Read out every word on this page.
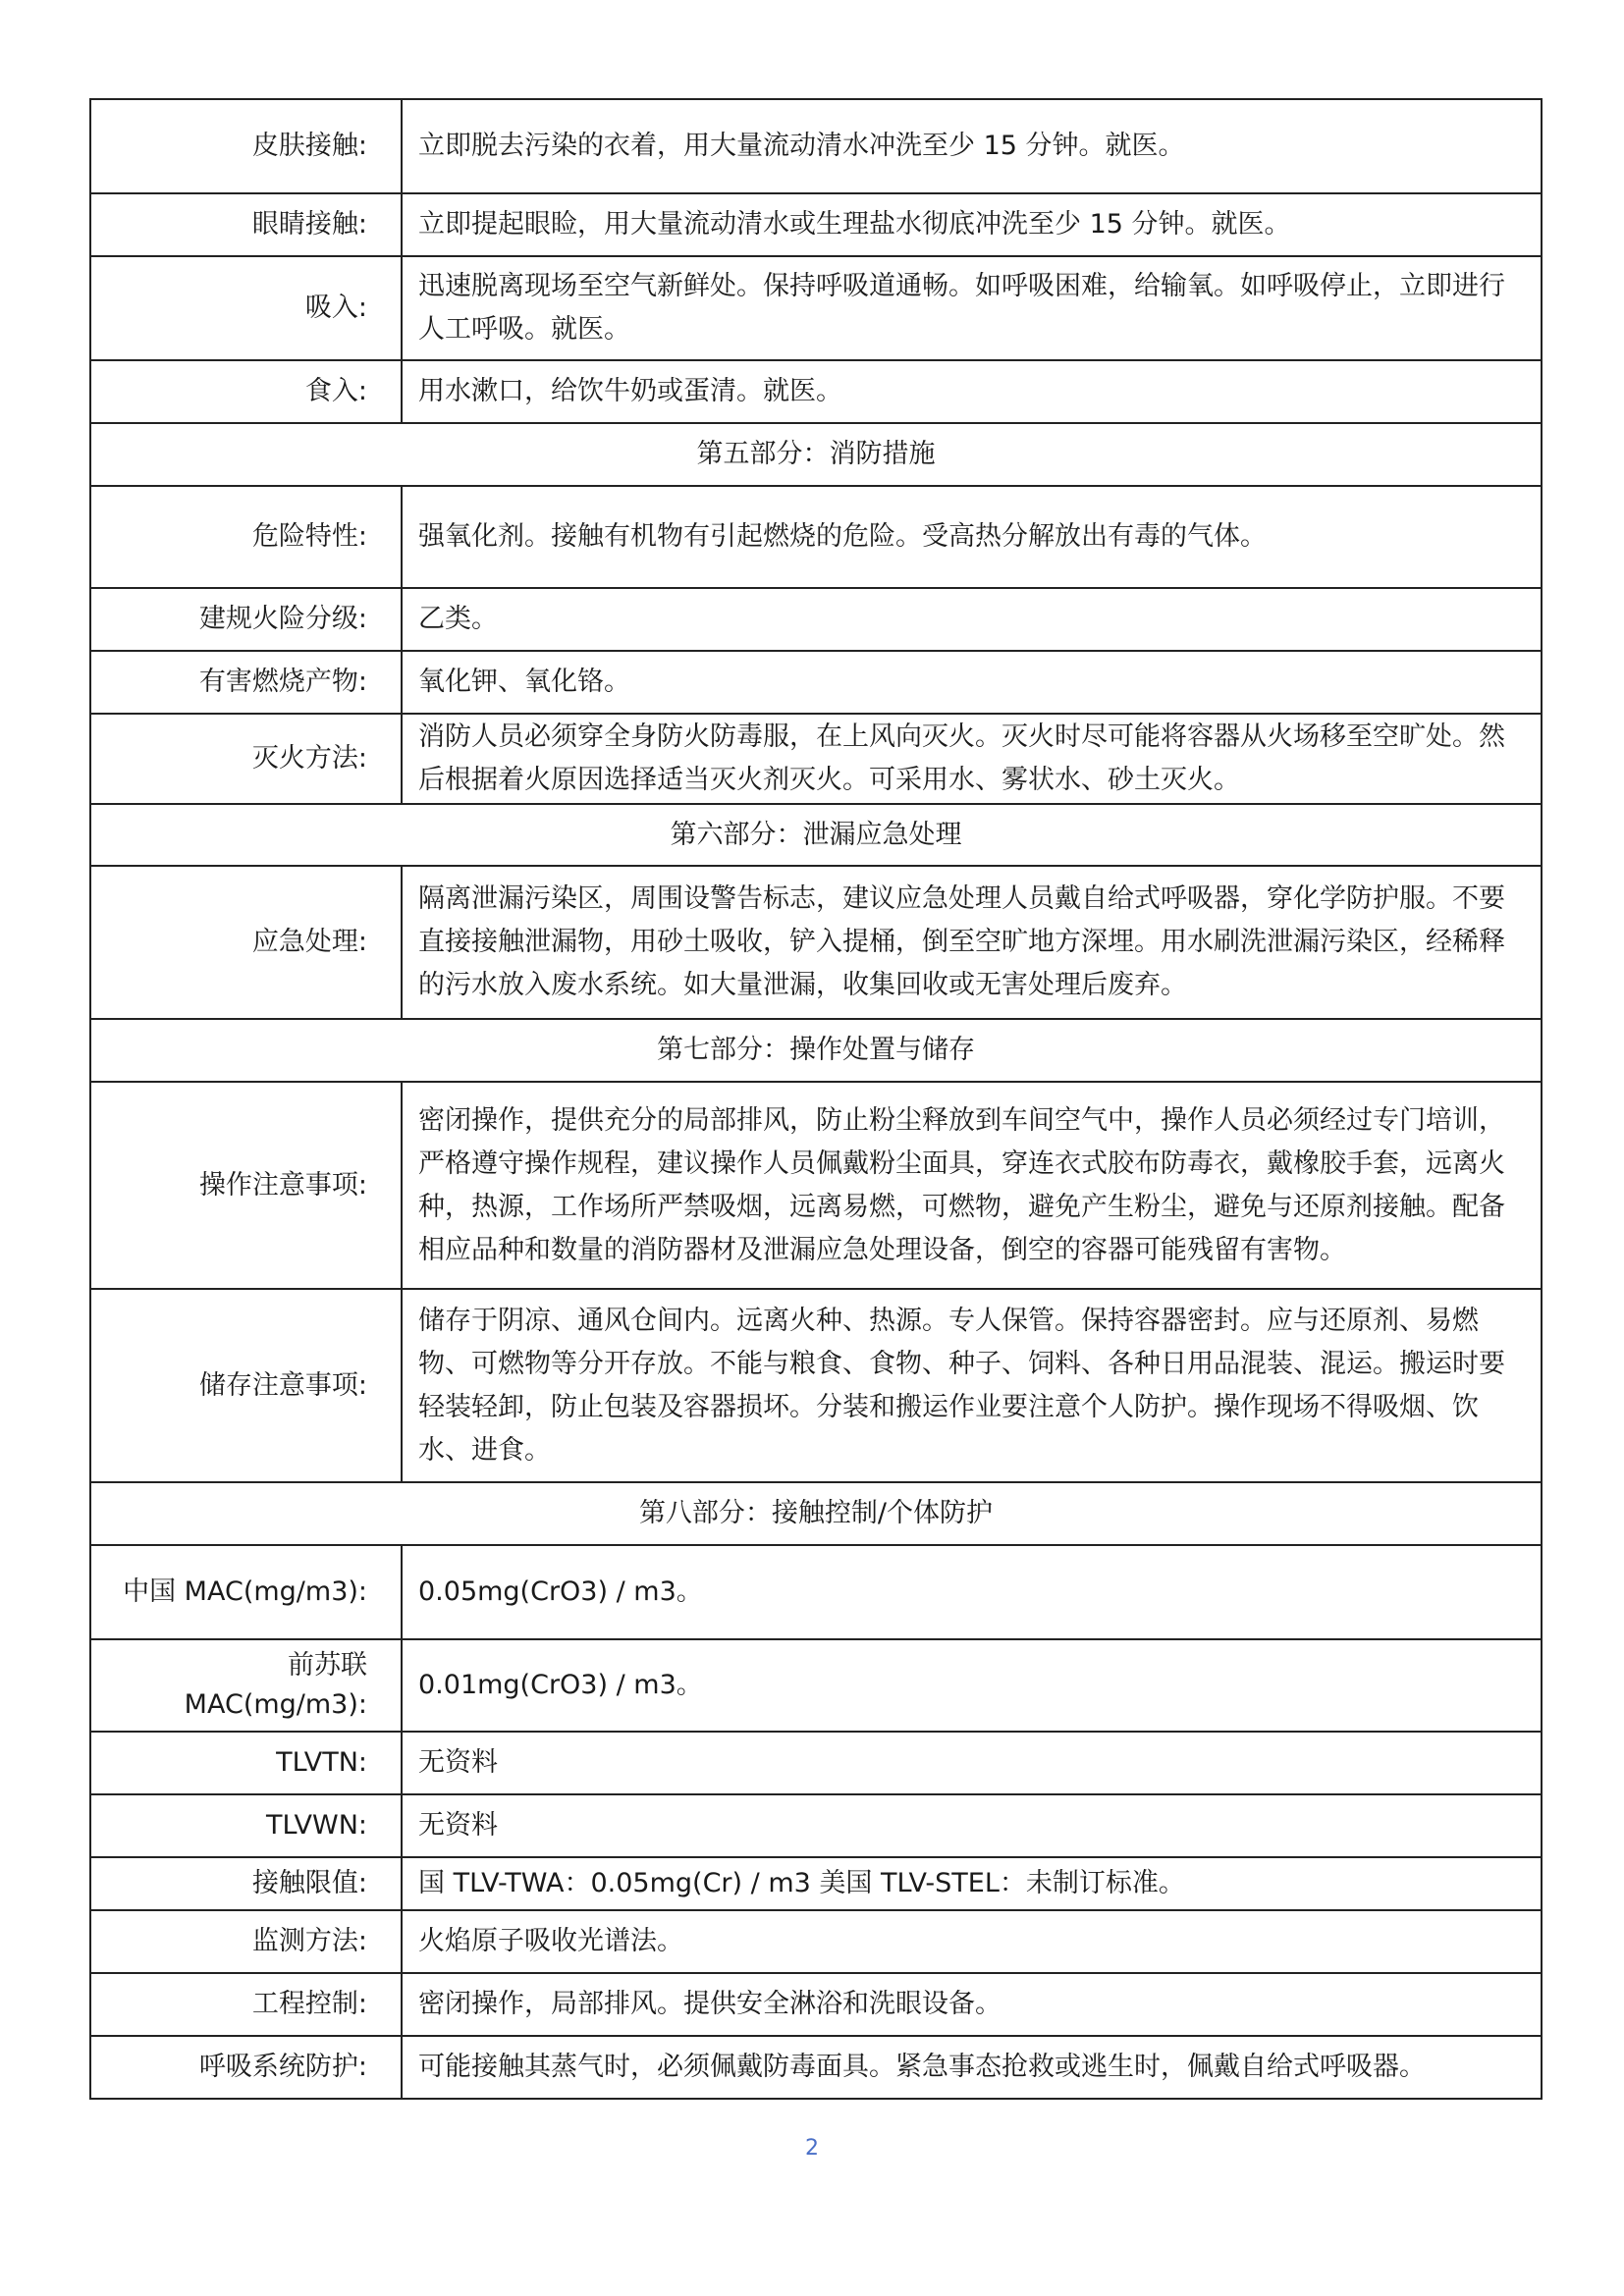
皮肤接触:	立即脱去污染的衣着，用大量流动清水冲洗至少 15 分钟。就医。
眼睛接触:	立即提起眼睑，用大量流动清水或生理盐水彻底冲洗至少 15 分钟。就医。
吸入:	迅速脱离现场至空气新鲜处。保持呼吸道通畅。如呼吸困难，给输氧。如呼吸停止，立即进行人工呼吸。就医。
食入:	用水漱口，给饮牛奶或蛋清。就医。
第五部分：消防措施	
危险特性:	强氧化剂。接触有机物有引起燃烧的危险。受高热分解放出有毒的气体。
建规火险分级:	乙类。
有害燃烧产物:	氧化钾、氧化铬。
灭火方法:	消防人员必须穿全身防火防毒服，在上风向灭火。灭火时尽可能将容器从火场移至空旷处。然后根据着火原因选择适当灭火剂灭火。可采用水、雾状水、砂土灭火。
第六部分：泄漏应急处理	
应急处理:	隔离泄漏污染区，周围设警告标志，建议应急处理人员戴自给式呼吸器，穿化学防护服。不要直接接触泄漏物，用砂土吸收，铲入提桶，倒至空旷地方深埋。用水刷洗泄漏污染区，经稀释的污水放入废水系统。如大量泄漏，收集回收或无害处理后废弃。
第七部分：操作处置与储存	
操作注意事项:	密闭操作，提供充分的局部排风，防止粉尘释放到车间空气中，操作人员必须经过专门培训，严格遵守操作规程，建议操作人员佩戴粉尘面具，穿连衣式胶布防毒衣，戴橡胶手套，远离火种，热源，工作场所严禁吸烟，远离易燃，可燃物，避免产生粉尘，避免与还原剂接触。配备相应品种和数量的消防器材及泄漏应急处理设备，倒空的容器可能残留有害物。
储存注意事项:	储存于阴凉、通风仓间内。远离火种、热源。专人保管。保持容器密封。应与还原剂、易燃物、可燃物等分开存放。不能与粮食、食物、种子、饲料、各种日用品混装、混运。搬运时要轻装轻卸，防止包装及容器损坏。分装和搬运作业要注意个人防护。操作现场不得吸烟、饮水、进食。
第八部分：接触控制/个体防护	
中国 MAC(mg/m3):	0.05mg(CrO3) / m3。
前苏联 MAC(mg/m3):	0.01mg(CrO3) / m3。
TLVTN:	无资料
TLVWN:	无资料
接触限值:	国 TLV-TWA：0.05mg(Cr) / m3 美国 TLV-STEL：未制订标准。
监测方法:	火焰原子吸收光谱法。
工程控制:	密闭操作，局部排风。提供安全淋浴和洗眼设备。
呼吸系统防护:	可能接触其蒸气时，必须佩戴防毒面具。紧急事态抢救或逃生时，佩戴自给式呼吸器。
2
